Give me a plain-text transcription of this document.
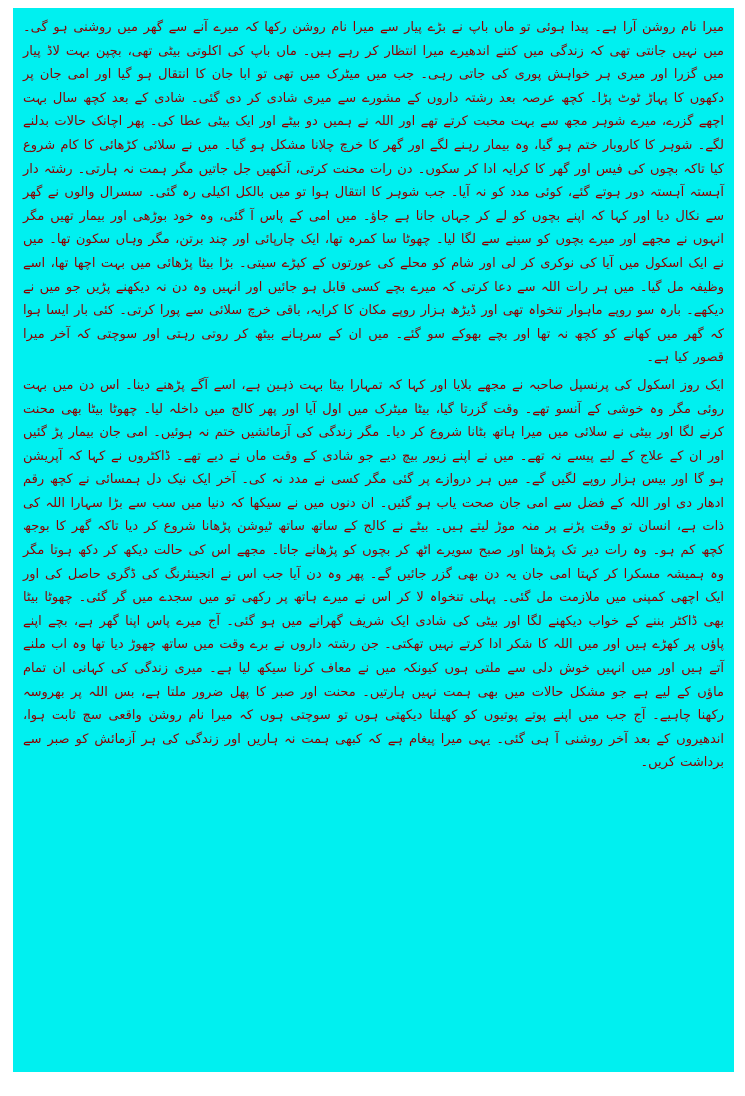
میرا نام روشن آرا ہے۔ پیدا ہوئی تو ماں باپ نے بڑے پیار سے میرا نام روشن رکھا کہ میرے آنے سے گھر میں روشنی ہو گی۔ میں نہیں جانتی تھی کہ زندگی میں کتنے اندھیرے میرا انتظار کر رہے ہیں۔ ماں باپ کی اکلوتی بیٹی تھی، بچپن بہت لاڈ پیار میں گزرا اور میری ہر خواہش پوری کی جاتی رہی۔ جب میں میٹرک میں تھی تو ابا جان کا انتقال ہو گیا اور امی جان پر دکھوں کا پہاڑ ٹوٹ پڑا۔ کچھ عرصہ بعد رشتہ داروں کے مشورے سے میری شادی کر دی گئی۔ شادی کے بعد کچھ سال بہت اچھے گزرے، میرے شوہر مجھ سے بہت محبت کرتے تھے اور اللہ نے ہمیں دو بیٹے اور ایک بیٹی عطا کی۔ پھر اچانک حالات بدلنے لگے۔ شوہر کا کاروبار ختم ہو گیا، وہ بیمار رہنے لگے اور گھر کا خرچ چلانا مشکل ہو گیا۔ میں نے سلائی کڑھائی کا کام شروع کیا تاکہ بچوں کی فیس اور گھر کا کرایہ ادا کر سکوں۔ دن رات محنت کرتی، آنکھیں جل جاتیں مگر ہمت نہ ہارتی۔ رشتہ دار آہستہ آہستہ دور ہوتے گئے، کوئی مدد کو نہ آیا۔ جب شوہر کا انتقال ہوا تو میں بالکل اکیلی رہ گئی۔ سسرال والوں نے گھر سے نکال دیا اور کہا کہ اپنے بچوں کو لے کر جہاں جانا ہے جاؤ۔ میں امی کے پاس آ گئی، وہ خود بوڑھی اور بیمار تھیں مگر انہوں نے مجھے اور میرے بچوں کو سینے سے لگا لیا۔ چھوٹا سا کمرہ تھا، ایک چارپائی اور چند برتن، مگر وہاں سکون تھا۔ میں نے ایک اسکول میں آیا کی نوکری کر لی اور شام کو محلے کی عورتوں کے کپڑے سیتی۔ بڑا بیٹا پڑھائی میں بہت اچھا تھا، اسے وظیفہ مل گیا۔ میں ہر رات اللہ سے دعا کرتی کہ میرے بچے کسی قابل ہو جائیں اور انہیں وہ دن نہ دیکھنے پڑیں جو میں نے دیکھے۔ بارہ سو روپے ماہوار تنخواہ تھی اور ڈیڑھ ہزار روپے مکان کا کرایہ، باقی خرچ سلائی سے پورا کرتی۔ کئی بار ایسا ہوا کہ گھر میں کھانے کو کچھ نہ تھا اور بچے بھوکے سو گئے۔ میں ان کے سرہانے بیٹھ کر روتی رہتی اور سوچتی کہ آخر میرا قصور کیا ہے۔

ایک روز اسکول کی پرنسپل صاحبہ نے مجھے بلایا اور کہا کہ تمہارا بیٹا بہت ذہین ہے، اسے آگے پڑھنے دینا۔ اس دن میں بہت روئی مگر وہ خوشی کے آنسو تھے۔ وقت گزرتا گیا، بیٹا میٹرک میں اول آیا اور پھر کالج میں داخلہ لیا۔ چھوٹا بیٹا بھی محنت کرنے لگا اور بیٹی نے سلائی میں میرا ہاتھ بٹانا شروع کر دیا۔ مگر زندگی کی آزمائشیں ختم نہ ہوئیں۔ امی جان بیمار پڑ گئیں اور ان کے علاج کے لیے پیسے نہ تھے۔ میں نے اپنے زیور بیچ دیے جو شادی کے وقت ماں نے دیے تھے۔ ڈاکٹروں نے کہا کہ آپریشن ہو گا اور بیس ہزار روپے لگیں گے۔ میں ہر دروازے پر گئی مگر کسی نے مدد نہ کی۔ آخر ایک نیک دل ہمسائی نے کچھ رقم ادھار دی اور اللہ کے فضل سے امی جان صحت یاب ہو گئیں۔ ان دنوں میں نے سیکھا کہ دنیا میں سب سے بڑا سہارا اللہ کی ذات ہے، انسان تو وقت پڑنے پر منہ موڑ لیتے ہیں۔ بیٹے نے کالج کے ساتھ ساتھ ٹیوشن پڑھانا شروع کر دیا تاکہ گھر کا بوجھ کچھ کم ہو۔ وہ رات دیر تک پڑھتا اور صبح سویرے اٹھ کر بچوں کو پڑھانے جاتا۔ مجھے اس کی حالت دیکھ کر دکھ ہوتا مگر وہ ہمیشہ مسکرا کر کہتا امی جان یہ دن بھی گزر جائیں گے۔ پھر وہ دن آیا جب اس نے انجینئرنگ کی ڈگری حاصل کی اور ایک اچھی کمپنی میں ملازمت مل گئی۔ پہلی تنخواہ لا کر اس نے میرے ہاتھ پر رکھی تو میں سجدے میں گر گئی۔ چھوٹا بیٹا بھی ڈاکٹر بننے کے خواب دیکھنے لگا اور بیٹی کی شادی ایک شریف گھرانے میں ہو گئی۔ آج میرے پاس اپنا گھر ہے، بچے اپنے پاؤں پر کھڑے ہیں اور میں اللہ کا شکر ادا کرتے نہیں تھکتی۔ جن رشتہ داروں نے برے وقت میں ساتھ چھوڑ دیا تھا وہ اب ملنے آتے ہیں اور میں انہیں خوش دلی سے ملتی ہوں کیونکہ میں نے معاف کرنا سیکھ لیا ہے۔ میری زندگی کی کہانی ان تمام ماؤں کے لیے ہے جو مشکل حالات میں بھی ہمت نہیں ہارتیں۔ محنت اور صبر کا پھل ضرور ملتا ہے، بس اللہ پر بھروسہ رکھنا چاہیے۔ آج جب میں اپنے پوتے پوتیوں کو کھیلتا دیکھتی ہوں تو سوچتی ہوں کہ میرا نام روشن واقعی سچ ثابت ہوا، اندھیروں کے بعد آخر روشنی آ ہی گئی۔ یہی میرا پیغام ہے کہ کبھی ہمت نہ ہاریں اور زندگی کی ہر آزمائش کو صبر سے برداشت کریں۔
